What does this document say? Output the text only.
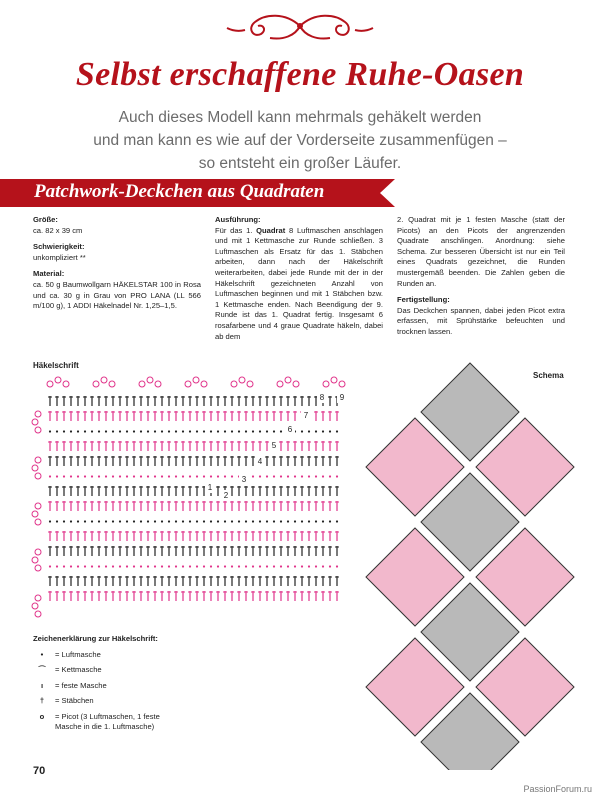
Selbst erschaffene Ruhe-Oasen
Auch dieses Modell kann mehrmals gehäkelt werden
und man kann es wie auf der Vorderseite zusammenfügen –
so entsteht ein großer Läufer.
Patchwork-Deckchen aus Quadraten

Größe:
ca. 82 x 39 cm

Schwierigkeit:
unkompliziert **

Material:
ca. 50 g Baumwollgarn HÄKELSTAR 100 in Rosa und ca. 30 g in Grau von PRO LANA (LL 566 m/100 g), 1 ADDI Häkelnadel Nr. 1,25–1,5.

Ausführung:
Für das 1. Quadrat 8 Luftmaschen anschlagen und mit 1 Kettmasche zur Runde schließen. 3 Luftmaschen als Ersatz für das 1. Stäbchen arbeiten, dann nach der Häkelschrift weiterarbeiten, dabei jede Runde mit der in der Häkelschrift gezeichneten Anzahl von Luftmaschen beginnen und mit 1 Stäbchen bzw. 1 Kettmasche enden. Nach Beendigung der 9. Runde ist das 1. Quadrat fertig. Insgesamt 6 rosafarbene und 4 graue Quadrate häkeln, dabei ab dem

2. Quadrat mit je 1 festen Masche (statt der Picots) an den Picots der angrenzenden Quadrate anschlingen. Anordnung: siehe Schema. Zur besseren Übersicht ist nur ein Teil eines Quadrats gezeichnet, die Runden mustergemäß beenden. Die Zahlen geben die Runden an.

Fertigstellung:
Das Deckchen spannen, dabei jeden Picot extra erfassen, mit Sprühstärke befeuchten und trocknen lassen.

Häkelschrift
Schema
1
2
3
4
5
6
7
8 9
Zeichenerklärung zur Häkelschrift:
•	= Luftmasche
⌒	= Kettmasche
ı	= feste Masche
†	= Stäbchen
ο	= Picot (3 Luftmaschen, 1 feste Masche in die 1. Luftmasche)
70
PassionForum.ru
